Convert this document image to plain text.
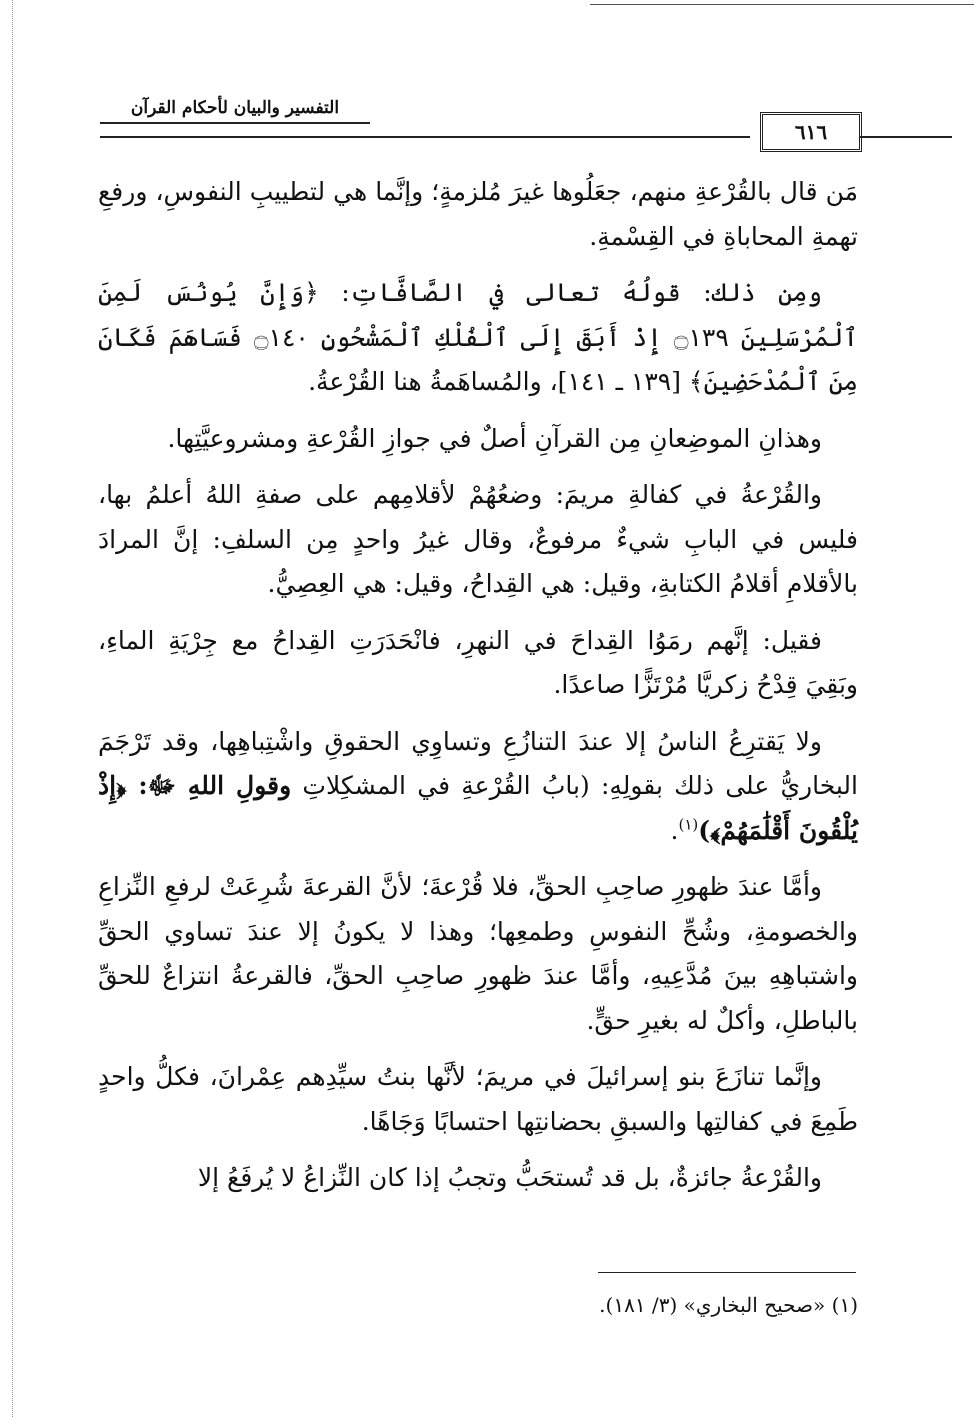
التفسير والبيان لأحكام القرآن
٦١٦

مَن قال بالقُرْعةِ منهم، جعَلُوها غيرَ مُلزمةٍ؛ وإنَّما هي لتطييبِ النفوسِ، ورفعِ تهمةِ المحاباةِ في القِسْمةِ.

ومِن ذلك: قولُهُ تعالى في الصَّافَّاتِ: ﴿وَإِنَّ يُونُسَ لَمِنَ ٱلْمُرْسَلِينَ ۝١٣٩ إِذْ أَبَقَ إِلَى ٱلْفُلْكِ ٱلْمَشْحُونِ ۝١٤٠ فَسَاهَمَ فَكَانَ مِنَ ٱلْمُدْحَضِينَ﴾ [١٣٩ ـ ١٤١]، والمُساهَمةُ هنا القُرْعةُ.

وهذانِ الموضِعانِ مِن القرآنِ أصلٌ في جوازِ القُرْعةِ ومشروعيَّتِها.

والقُرْعةُ في كفالةِ مريمَ: وضعُهُمْ لأقلامِهم على صفةِ اللهُ أعلمُ بها، فليس في البابِ شيءٌ مرفوعٌ، وقال غيرُ واحدٍ مِن السلفِ: إنَّ المرادَ بالأقلامِ أقلامُ الكتابةِ، وقيل: هي القِداحُ، وقيل: هي العِصِيُّ.

فقيل: إنَّهم رمَوُا القِداحَ في النهرِ، فانْحَدَرَتِ القِداحُ مع جِرْيَةِ الماءِ، وبَقِيَ قِدْحُ زكريَّا مُرْتَزًّا صاعدًا.

ولا يَقترِعُ الناسُ إلا عندَ التنازُعِ وتساوِي الحقوقِ واشْتِباهِها، وقد تَرْجَمَ البخاريُّ على ذلك بقولِهِ: (بابُ القُرْعةِ في المشكِلاتِ وقولِ اللهِ ﷻ: ﴿إِذْ يُلْقُونَ أَقْلَٰمَهُمْ﴾)$^{(١)}$.

وأمَّا عندَ ظهورِ صاحِبِ الحقِّ، فلا قُرْعةَ؛ لأنَّ القرعةَ شُرِعَتْ لرفعِ النِّزاعِ والخصومةِ، وشُحِّ النفوسِ وطمعِها؛ وهذا لا يكونُ إلا عندَ تساوي الحقِّ واشتباهِهِ بينَ مُدَّعِيهِ، وأمَّا عندَ ظهورِ صاحِبِ الحقِّ، فالقرعةُ انتزاعٌ للحقِّ بالباطلِ، وأكلٌ له بغيرِ حقٍّ.

وإنَّما تنازَعَ بنو إسرائيلَ في مريمَ؛ لأنَّها بنتُ سيِّدِهم عِمْرانَ، فكلُّ واحدٍ طَمِعَ في كفالتِها والسبقِ بحضانتِها احتسابًا وَجَاهًا.

والقُرْعةُ جائزةٌ، بل قد تُستحَبُّ وتجبُ إذا كان النِّزاعُ لا يُرفَعُ إلا

(١) «صحيح البخاري» (٣/ ١٨١).
